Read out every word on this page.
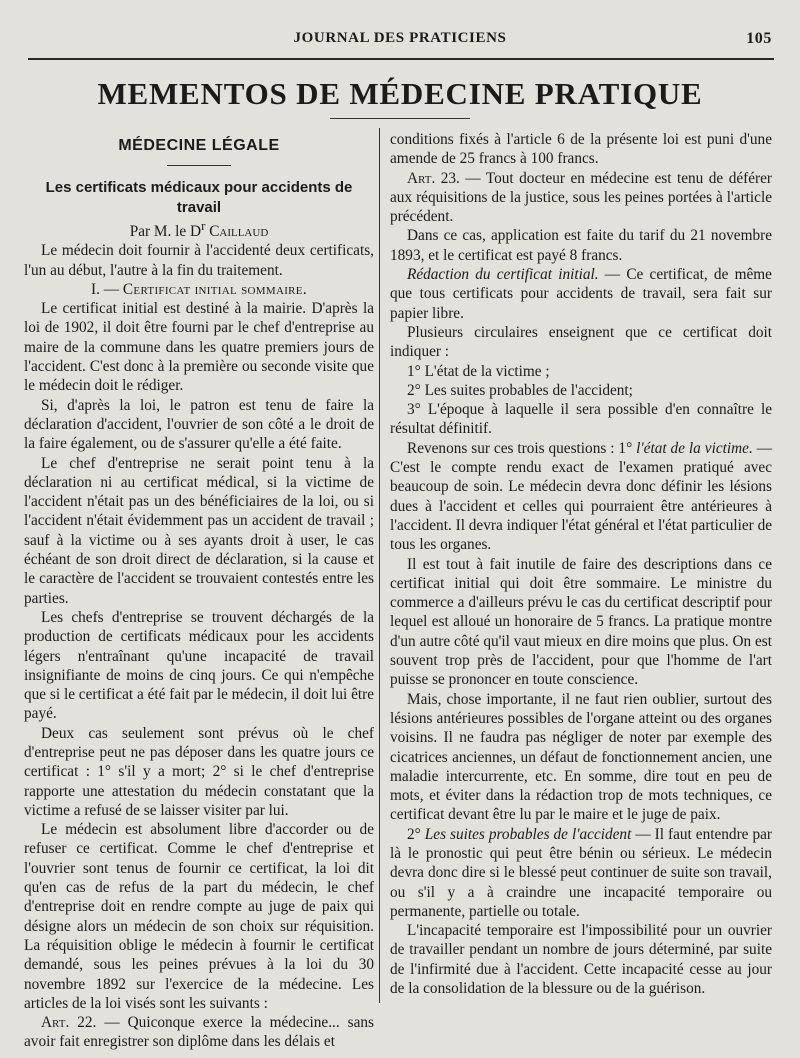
JOURNAL DES PRATICIENS	105
MEMENTOS DE MÉDECINE PRATIQUE
MÉDECINE LÉGALE
Les certificats médicaux pour accidents de travail
Par M. le $D^r$ Caillaud

Le médecin doit fournir à l'accidenté deux certificats, l'un au début, l'autre à la fin du traitement.

I. — Certificat initial sommaire.

Le certificat initial est destiné à la mairie. D'après la loi de 1902, il doit être fourni par le chef d'entreprise au maire de la commune dans les quatre premiers jours de l'accident. C'est donc à la première ou seconde visite que le médecin doit le rédiger.

Si, d'après la loi, le patron est tenu de faire la déclaration d'accident, l'ouvrier de son côté a le droit de la faire également, ou de s'assurer qu'elle a été faite.

Le chef d'entreprise ne serait point tenu à la déclaration ni au certificat médical, si la victime de l'accident n'était pas un des bénéficiaires de la loi, ou si l'accident n'était évidemment pas un accident de travail ; sauf à la victime ou à ses ayants droit à user, le cas échéant de son droit direct de déclaration, si la cause et le caractère de l'accident se trouvaient contestés entre les parties.

Les chefs d'entreprise se trouvent déchargés de la production de certificats médicaux pour les accidents légers n'entraînant qu'une incapacité de travail insignifiante de moins de cinq jours. Ce qui n'empêche que si le certificat a été fait par le médecin, il doit lui être payé.

Deux cas seulement sont prévus où le chef d'entreprise peut ne pas déposer dans les quatre jours ce certificat : 1° s'il y a mort; 2° si le chef d'entreprise rapporte une attestation du médecin constatant que la victime a refusé de se laisser visiter par lui.

Le médecin est absolument libre d'accorder ou de refuser ce certificat. Comme le chef d'entreprise et l'ouvrier sont tenus de fournir ce certificat, la loi dit qu'en cas de refus de la part du médecin, le chef d'entreprise doit en rendre compte au juge de paix qui désigne alors un médecin de son choix sur réquisition. La réquisition oblige le médecin à fournir le certificat demandé, sous les peines prévues à la loi du 30 novembre 1892 sur l'exercice de la médecine. Les articles de la loi visés sont les suivants :

Art. 22. — Quiconque exerce la médecine... sans avoir fait enregistrer son diplôme dans les délais et

conditions fixés à l'article 6 de la présente loi est puni d'une amende de 25 francs à 100 francs.

Art. 23. — Tout docteur en médecine est tenu de déférer aux réquisitions de la justice, sous les peines portées à l'article précédent.

Dans ce cas, application est faite du tarif du 21 novembre 1893, et le certificat est payé 8 francs.

Rédaction du certificat initial. — Ce certificat, de même que tous certificats pour accidents de travail, sera fait sur papier libre.

Plusieurs circulaires enseignent que ce certificat doit indiquer :

1° L'état de la victime ;
2° Les suites probables de l'accident;
3° L'époque à laquelle il sera possible d'en connaître le résultat définitif.

Revenons sur ces trois questions : 1° l'état de la victime. — C'est le compte rendu exact de l'examen pratiqué avec beaucoup de soin. Le médecin devra donc définir les lésions dues à l'accident et celles qui pourraient être antérieures à l'accident. Il devra indiquer l'état général et l'état particulier de tous les organes.

Il est tout à fait inutile de faire des descriptions dans ce certificat initial qui doit être sommaire. Le ministre du commerce a d'ailleurs prévu le cas du certificat descriptif pour lequel est alloué un honoraire de 5 francs. La pratique montre d'un autre côté qu'il vaut mieux en dire moins que plus. On est souvent trop près de l'accident, pour que l'homme de l'art puisse se prononcer en toute conscience.

Mais, chose importante, il ne faut rien oublier, surtout des lésions antérieures possibles de l'organe atteint ou des organes voisins. Il ne faudra pas négliger de noter par exemple des cicatrices anciennes, un défaut de fonctionnement ancien, une maladie intercurrente, etc. En somme, dire tout en peu de mots, et éviter dans la rédaction trop de mots techniques, ce certificat devant être lu par le maire et le juge de paix.

2° Les suites probables de l'accident — Il faut entendre par là le pronostic qui peut être bénin ou sérieux. Le médecin devra donc dire si le blessé peut continuer de suite son travail, ou s'il y a à craindre une incapacité temporaire ou permanente, partielle ou totale.

L'incapacité temporaire est l'impossibilité pour un ouvrier de travailler pendant un nombre de jours déterminé, par suite de l'infirmité due à l'accident. Cette incapacité cesse au jour de la consolidation de la blessure ou de la guérison.
